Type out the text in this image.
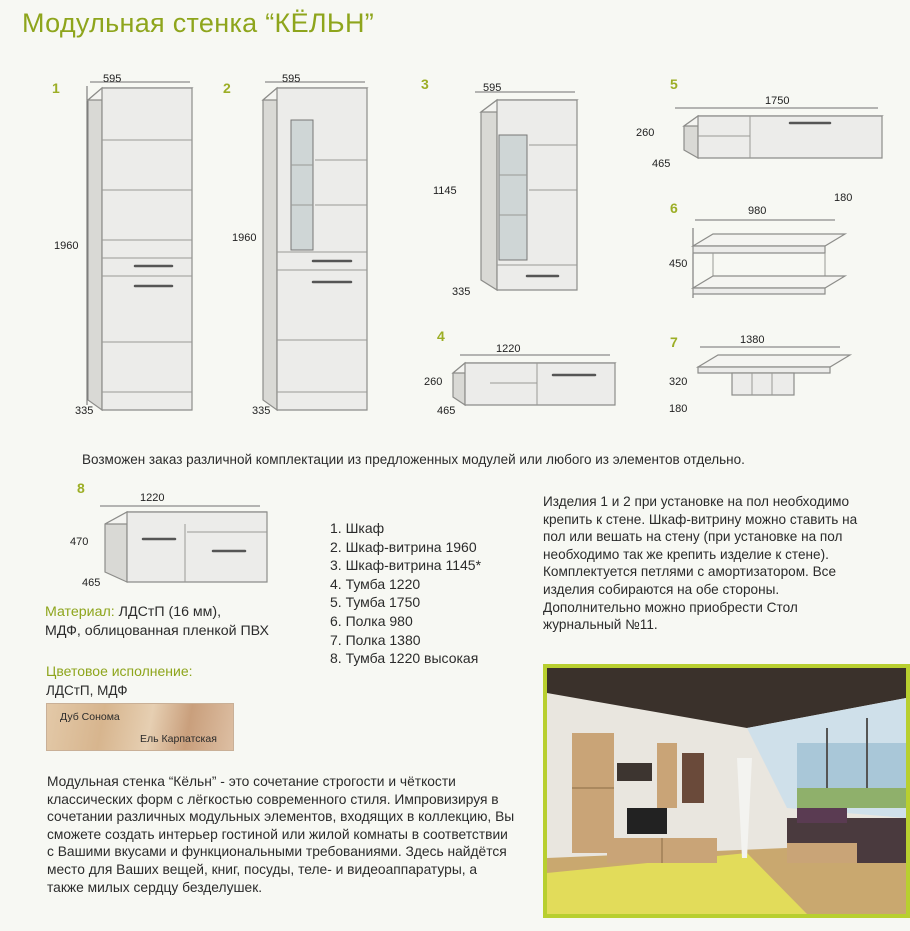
Модульная стенка “КЁЛЬН”
1
595
1960
335
2
595
1960
335
3	595
1145
335
4
1220
260
465
5
1750
260
465
6	980
180
450
7	1380
320
180
Возможен заказ различной комплектации из предложенных модулей или любого из элементов отдельно.
8
1220
470
465
1. Шкаф
2. Шкаф-витрина 1960
3. Шкаф-витрина 1145*
4. Тумба 1220
5. Тумба 1750
6. Полка 980
7. Полка 1380
8. Тумба 1220 высокая
Изделия 1 и 2 при установке на пол необходимо крепить к стене. Шкаф-витрину можно ставить на пол или вешать на стену (при установке на пол необходимо так же крепить изделие к стене). Комплектуется петлями с амортизатором. Все изделия собираются на обе стороны. Дополнительно можно приобрести Стол журнальный №11.
Материал: ЛДСтП (16 мм),
МДФ, облицованная пленкой ПВХ
Цветовое исполнение:
ЛДСтП, МДФ
Дуб Сонома
Ель Карпатская
Модульная стенка “Кёльн” - это сочетание строгости и чёткости классических форм с лёгкостью современного стиля. Импровизируя в сочетании различных модульных элементов, входящих в коллекцию, Вы сможете создать интерьер гостиной или жилой комнаты в соответствии с Вашими вкусами и функциональными требованиями. Здесь найдётся место для Ваших вещей, книг, посуды, теле- и видеоаппаратуры, а также милых сердцу безделушек.
